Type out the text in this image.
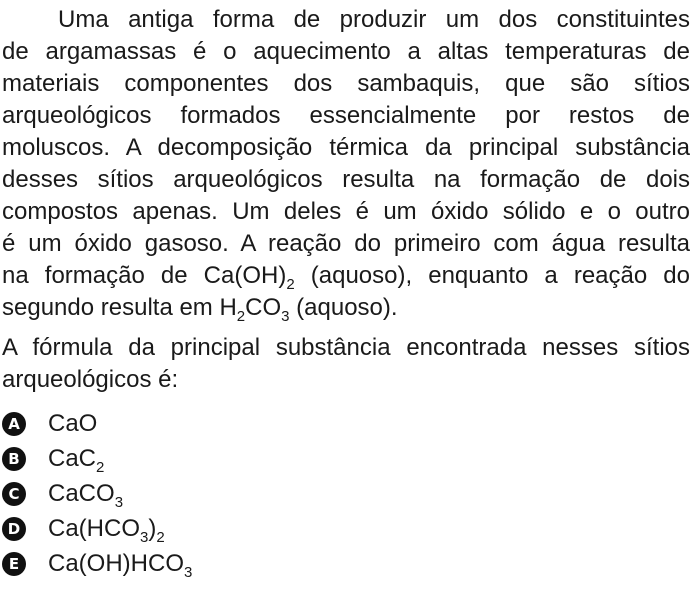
Uma antiga forma de produzir um dos constituintes
de argamassas é o aquecimento a altas temperaturas de
materiais componentes dos sambaquis, que são sítios
arqueológicos formados essencialmente por restos de
moluscos. A decomposição térmica da principal substância
desses sítios arqueológicos resulta na formação de dois
compostos apenas. Um deles é um óxido sólido e o outro
é um óxido gasoso. A reação do primeiro com água resulta
na formação de $Ca(OH)_2$ (aquoso), enquanto a reação do
segundo resulta em $H_2CO_3$ (aquoso).

A fórmula da principal substância encontrada nesses sítios
arqueológicos é:

A CaO
B CaC$_2$
C CaCO$_3$
D $Ca(HCO_3)_2$
E $Ca(OH)HCO_3$
